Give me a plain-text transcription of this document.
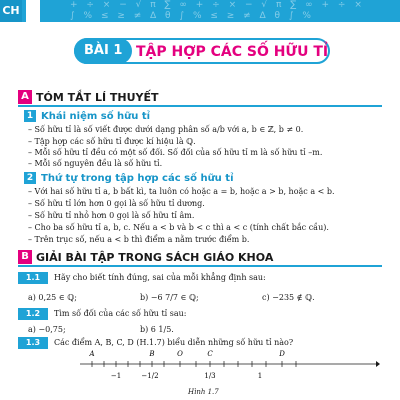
+ ÷ × − √ π ∑ ∞ + ÷ × − √ π ∑ ∞ + ÷ ×
∫ % ≤ ≥ ≠ ∆ θ ∫ % ≤ ≥ ≠ ∆ θ ∫ %
CH
BÀI 1 TẬP HỢP CÁC SỐ HỮU TỈ
A TÓM TẮT LÍ THUYẾT
1 Khái niệm số hữu tỉ
– Số hữu tỉ là số viết được dưới dạng phân số a/b với a, b ∈ ℤ, b ≠ 0.
– Tập hợp các số hữu tỉ được kí hiệu là ℚ.
– Mỗi số hữu tỉ đều có một số đối. Số đối của số hữu tỉ m là số hữu tỉ –m.
– Mỗi số nguyên đều là số hữu tỉ.
2 Thứ tự trong tập hợp các số hữu tỉ
– Với hai số hữu tỉ a, b bất kì, ta luôn có hoặc a = b, hoặc a > b, hoặc a < b.
– Số hữu tỉ lớn hơn 0 gọi là số hữu tỉ dương.
– Số hữu tỉ nhỏ hơn 0 gọi là số hữu tỉ âm.
– Cho ba số hữu tỉ a, b, c. Nếu a < b và b < c thì a < c (tính chất bắc cầu).
– Trên trục số, nếu a < b thì điểm a nằm trước điểm b.
B GIẢI BÀI TẬP TRONG SÁCH GIÁO KHOA
1.1	Hãy cho biết tính đúng, sai của mỗi khẳng định sau:
a) 0,25 ∈ ℚ;	b) −6 7/7 ∈ ℚ;	c) −235 ∉ ℚ.
1.2	Tìm số đối của các số hữu tỉ sau:
a) −0,75;	b) 6 1/5.
1.3	Các điểm A, B, C, D (H.1.7) biểu diễn những số hữu tỉ nào?
A	B	O	C	D
−1	−1/2	1/3	1
Hình 1.7
